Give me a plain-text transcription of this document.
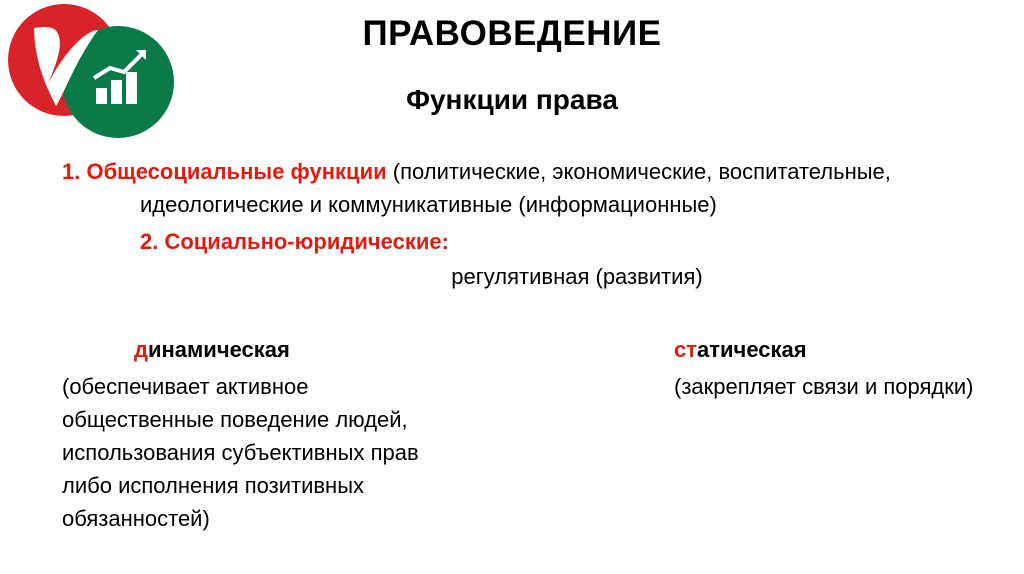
ПРАВОВЕДЕНИЕ
Функции права

1. Общесоциальные функции (политические, экономические, воспитательные, идеологические и коммуникативные (информационные)

2. Социально-юридические:

регулятивная (развития)

динамическая

(обеспечивает активное общественные поведение людей, использования субъективных прав либо исполнения позитивных обязанностей)

статическая

(закрепляет связи и порядки)
